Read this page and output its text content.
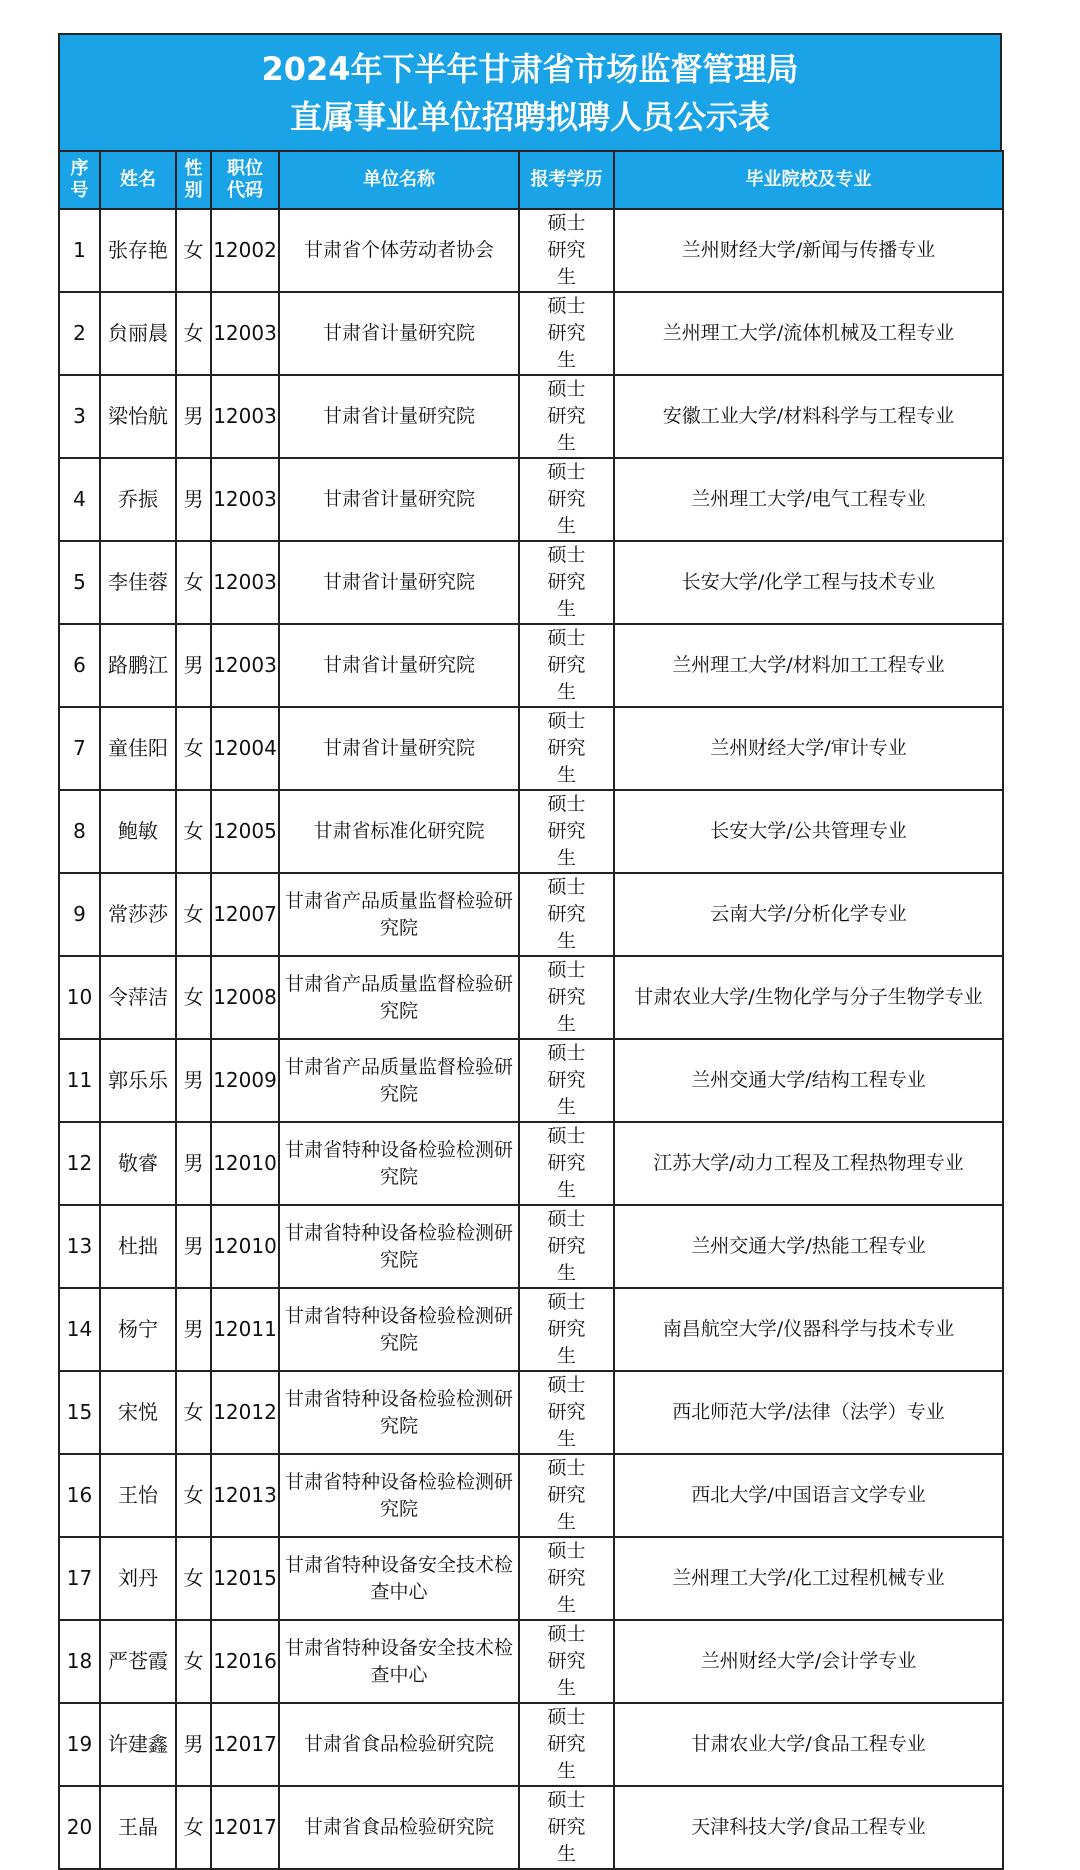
2024年下半年甘肃省市场监督管理局
直属事业单位招聘拟聘人员公示表
序号	姓名	性别	职位代码	单位名称	报考学历	毕业院校及专业
1	张存艳	女	12002	甘肃省个体劳动者协会	硕士研究生	兰州财经大学/新闻与传播专业
2	贠丽晨	女	12003	甘肃省计量研究院	硕士研究生	兰州理工大学/流体机械及工程专业
3	梁怡航	男	12003	甘肃省计量研究院	硕士研究生	安徽工业大学/材料科学与工程专业
4	乔振	男	12003	甘肃省计量研究院	硕士研究生	兰州理工大学/电气工程专业
5	李佳蓉	女	12003	甘肃省计量研究院	硕士研究生	长安大学/化学工程与技术专业
6	路鹏江	男	12003	甘肃省计量研究院	硕士研究生	兰州理工大学/材料加工工程专业
7	童佳阳	女	12004	甘肃省计量研究院	硕士研究生	兰州财经大学/审计专业
8	鲍敏	女	12005	甘肃省标准化研究院	硕士研究生	长安大学/公共管理专业
9	常莎莎	女	12007	甘肃省产品质量监督检验研究院	硕士研究生	云南大学/分析化学专业
10	令萍洁	女	12008	甘肃省产品质量监督检验研究院	硕士研究生	甘肃农业大学/生物化学与分子生物学专业
11	郭乐乐	男	12009	甘肃省产品质量监督检验研究院	硕士研究生	兰州交通大学/结构工程专业
12	敬睿	男	12010	甘肃省特种设备检验检测研究院	硕士研究生	江苏大学/动力工程及工程热物理专业
13	杜拙	男	12010	甘肃省特种设备检验检测研究院	硕士研究生	兰州交通大学/热能工程专业
14	杨宁	男	12011	甘肃省特种设备检验检测研究院	硕士研究生	南昌航空大学/仪器科学与技术专业
15	宋悦	女	12012	甘肃省特种设备检验检测研究院	硕士研究生	西北师范大学/法律（法学）专业
16	王怡	女	12013	甘肃省特种设备检验检测研究院	硕士研究生	西北大学/中国语言文学专业
17	刘丹	女	12015	甘肃省特种设备安全技术检查中心	硕士研究生	兰州理工大学/化工过程机械专业
18	严苍霞	女	12016	甘肃省特种设备安全技术检查中心	硕士研究生	兰州财经大学/会计学专业
19	许建鑫	男	12017	甘肃省食品检验研究院	硕士研究生	甘肃农业大学/食品工程专业
20	王晶	女	12017	甘肃省食品检验研究院	硕士研究生	天津科技大学/食品工程专业
